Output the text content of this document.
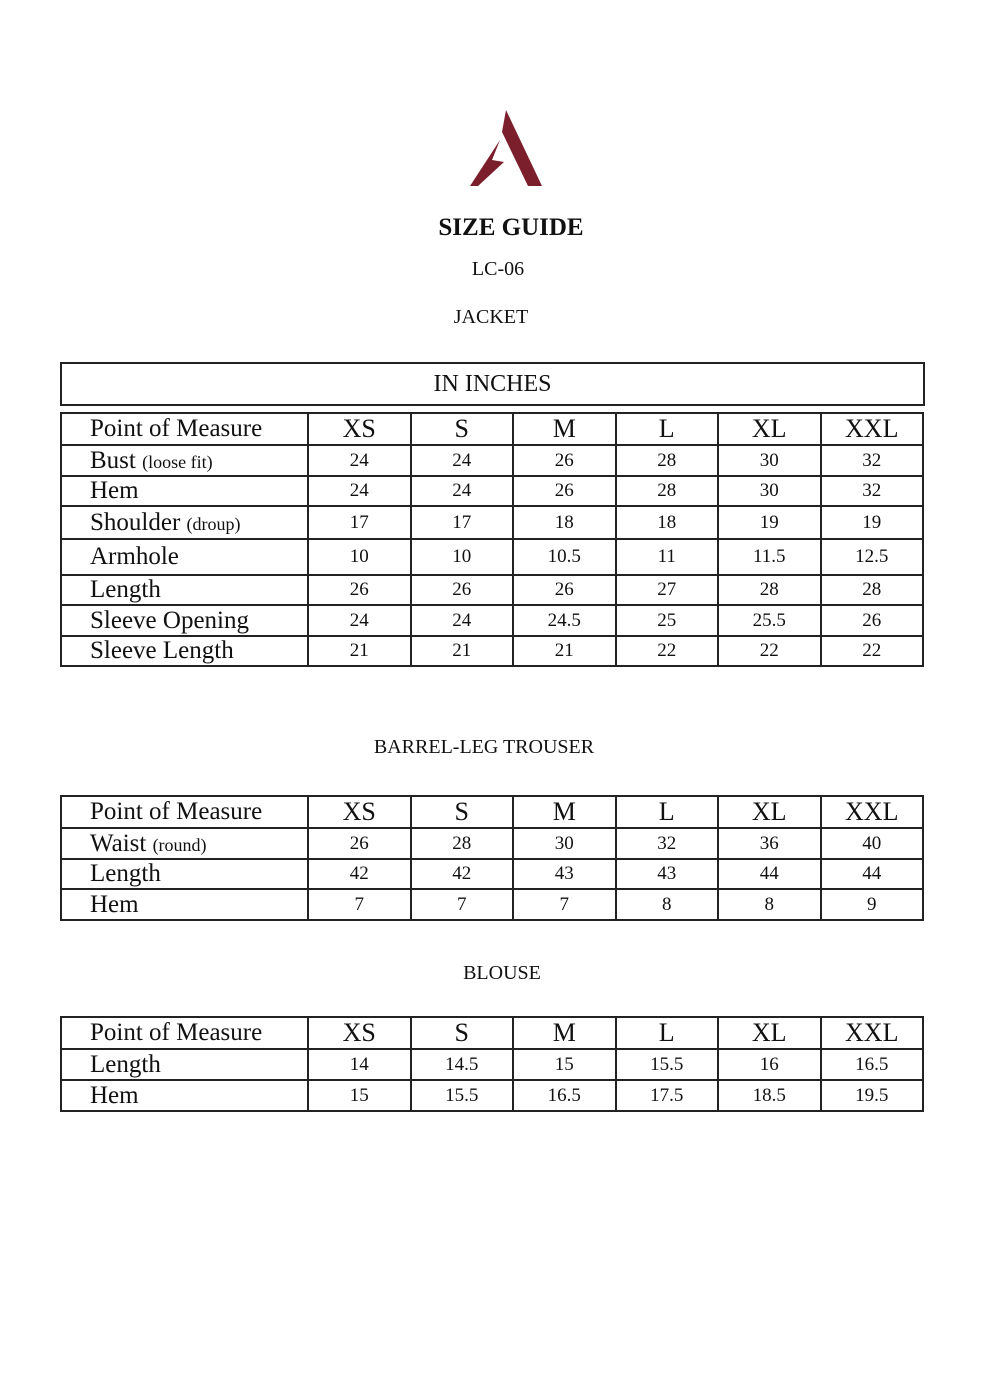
SIZE GUIDE
LC-06
JACKET
IN INCHES
Point of Measure	XS	S	M	L	XL	XXL
Bust (loose fit)	24	24	26	28	30	32
Hem	24	24	26	28	30	32
Shoulder (droup)	17	17	18	18	19	19
Armhole	10	10	10.5	11	11.5	12.5
Length	26	26	26	27	28	28
Sleeve Opening	24	24	24.5	25	25.5	26
Sleeve Length	21	21	21	22	22	22
BARREL-LEG TROUSER
Point of Measure	XS	S	M	L	XL	XXL
Waist (round)	26	28	30	32	36	40
Length	42	42	43	43	44	44
Hem	7	7	7	8	8	9
BLOUSE
Point of Measure	XS	S	M	L	XL	XXL
Length	14	14.5	15	15.5	16	16.5
Hem	15	15.5	16.5	17.5	18.5	19.5
